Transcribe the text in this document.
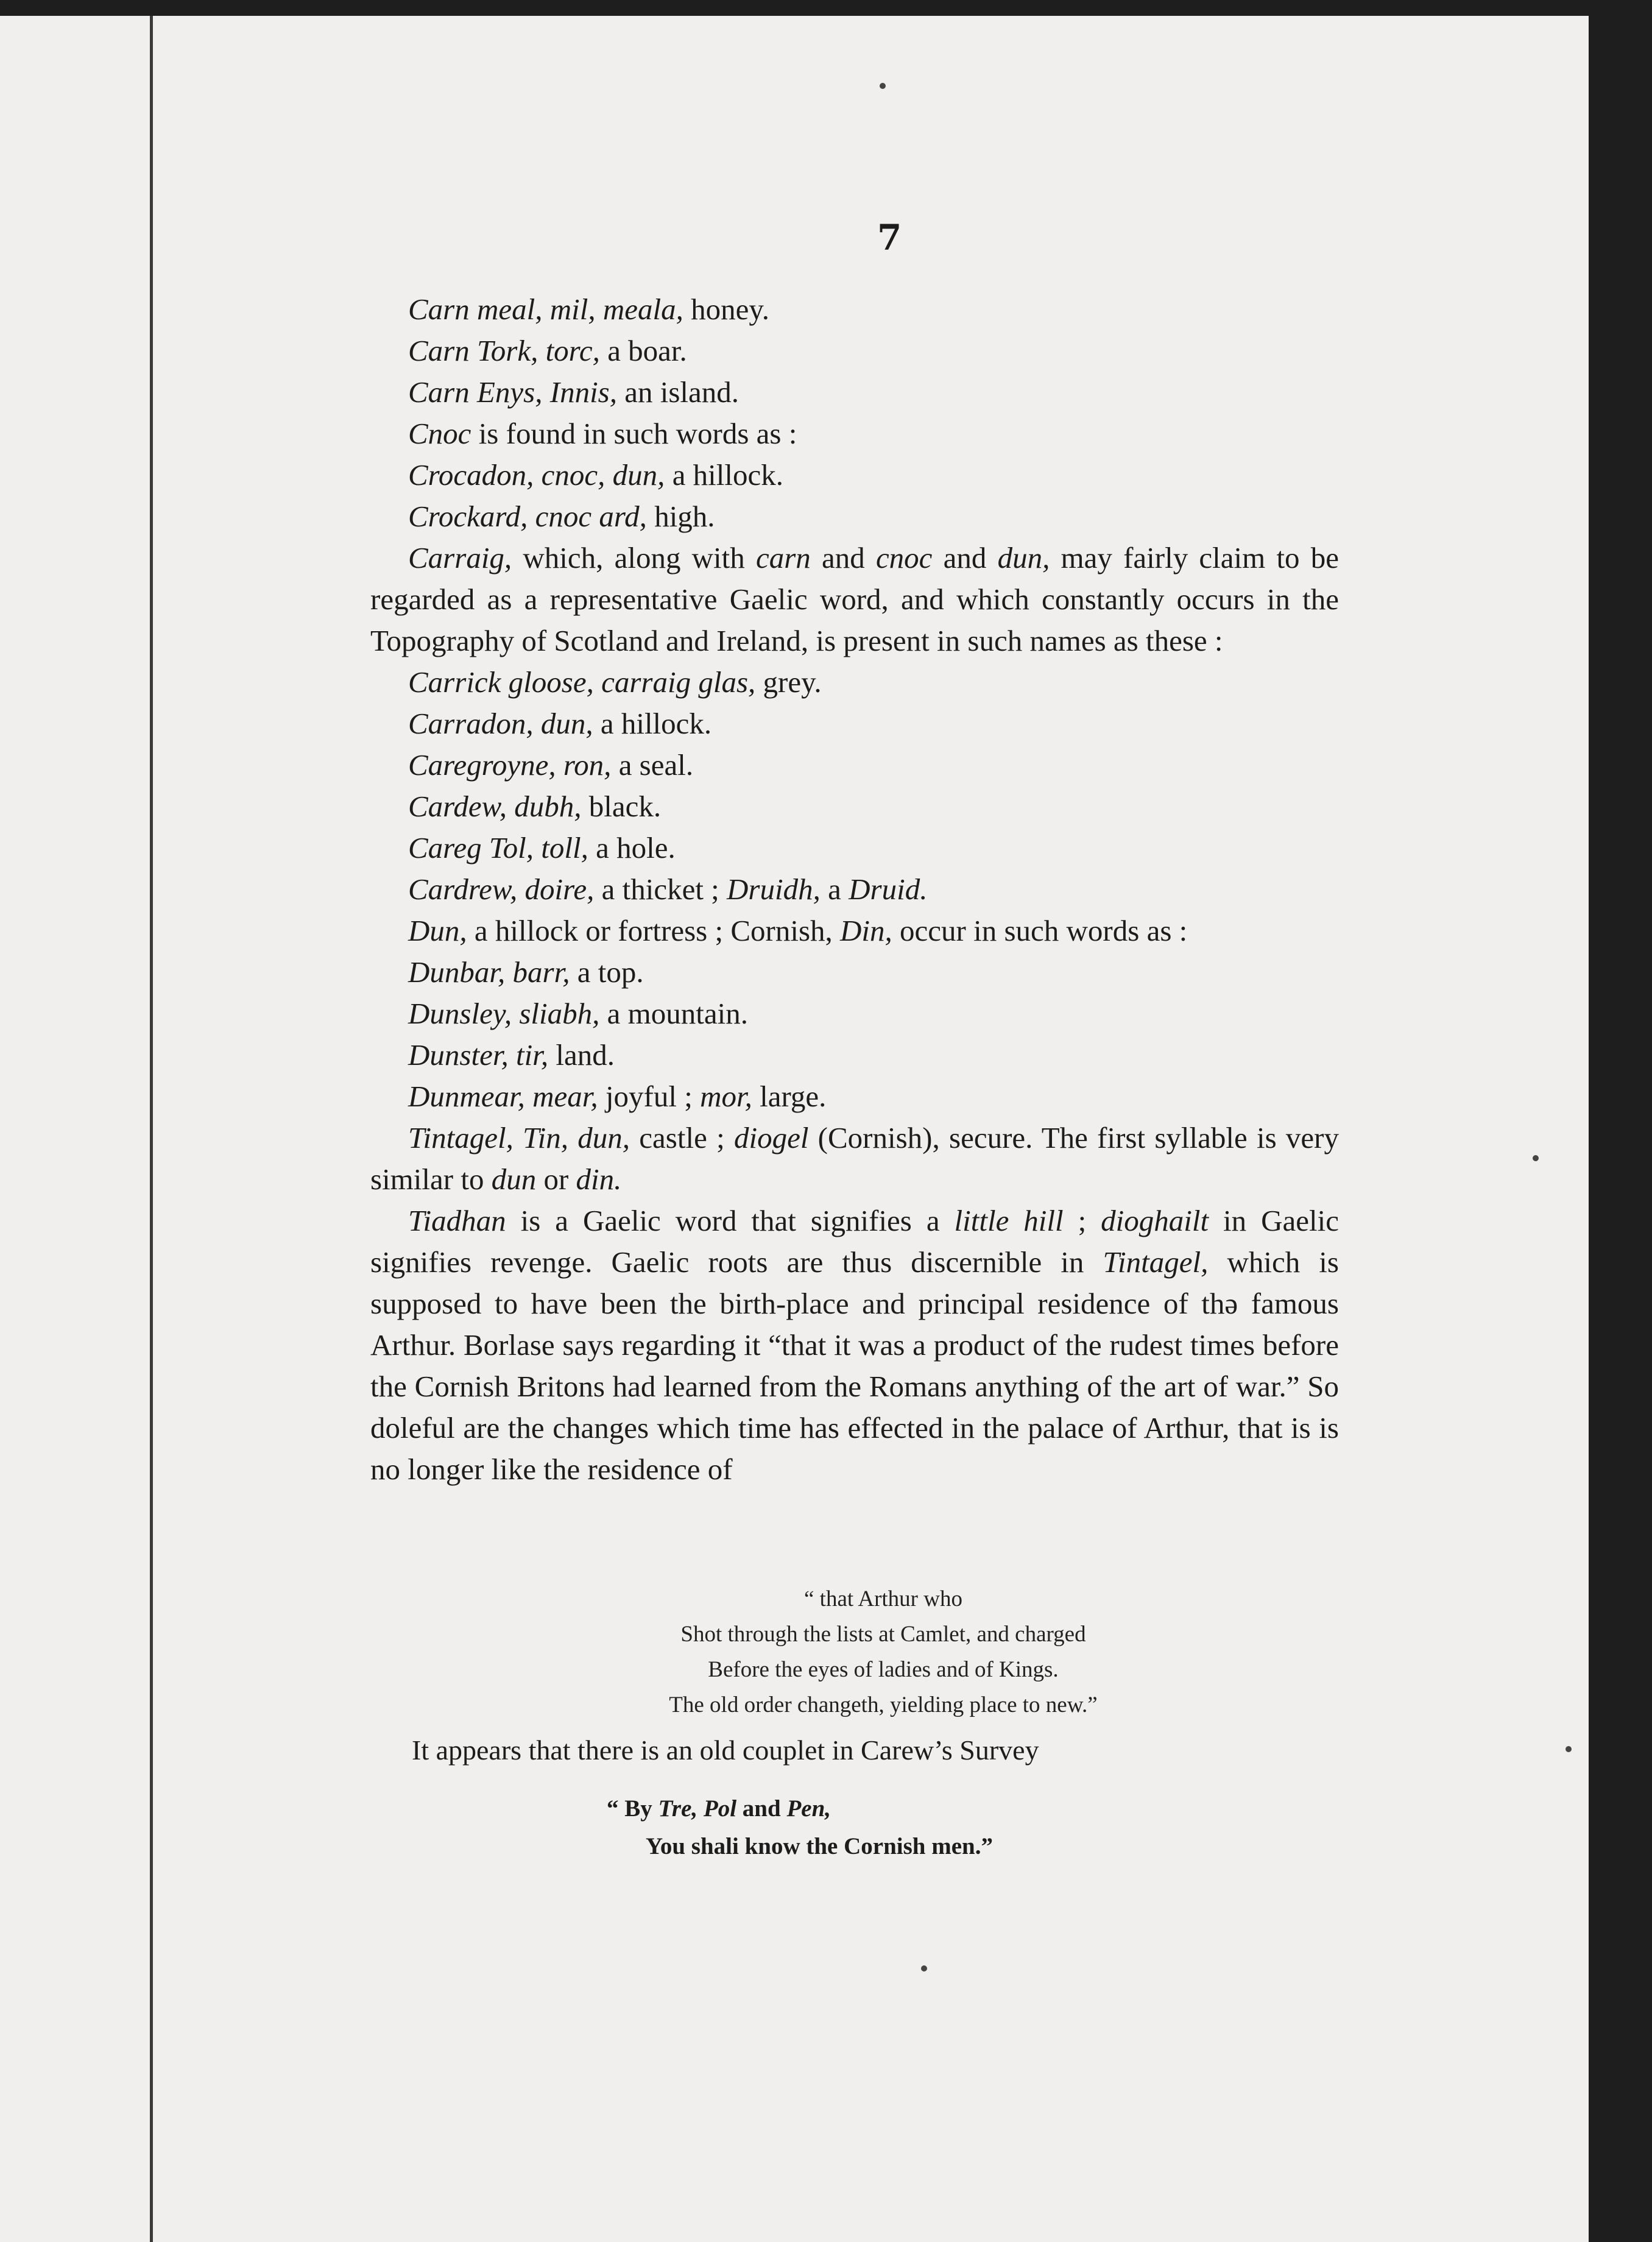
7
Carn meal, mil, meala, honey.
Carn Tork, torc, a boar.
Carn Enys, Innis, an island.
Cnoc is found in such words as :
Crocadon, cnoc, dun, a hillock.
Crockard, cnoc ard, high.

Carraig, which, along with carn and cnoc and dun, may fairly claim to be regarded as a representative Gaelic word, and which constantly occurs in the Topography of Scotland and Ireland, is present in such names as these :

Carrick gloose, carraig glas, grey.
Carradon, dun, a hillock.
Caregroyne, ron, a seal.
Cardew, dubh, black.
Careg Tol, toll, a hole.
Cardrew, doire, a thicket ; Druidh, a Druid.
Dun, a hillock or fortress ; Cornish, Din, occur in such words as :
Dunbar, barr, a top.
Dunsley, sliabh, a mountain.
Dunster, tir, land.
Dunmear, mear, joyful ; mor, large.

Tintagel, Tin, dun, castle ; diogel (Cornish), secure. The first syllable is very similar to dun or din.

Tiadhan is a Gaelic word that signifies a little hill ; dioghailt in Gaelic signifies revenge. Gaelic roots are thus discernible in Tintagel, which is supposed to have been the birth-place and principal residence of thə famous Arthur. Borlase says regarding it “that it was a product of the rudest times before the Cornish Britons had learned from the Romans anything of the art of war.” So doleful are the changes which time has effected in the palace of Arthur, that is is no longer like the residence of

“ that Arthur who
Shot through the lists at Camlet, and charged
Before the eyes of ladies and of Kings.
The old order changeth, yielding place to new.”
It appears that there is an old couplet in Carew’s Survey
“ By Tre, Pol and Pen,
You shali know the Cornish men.”
